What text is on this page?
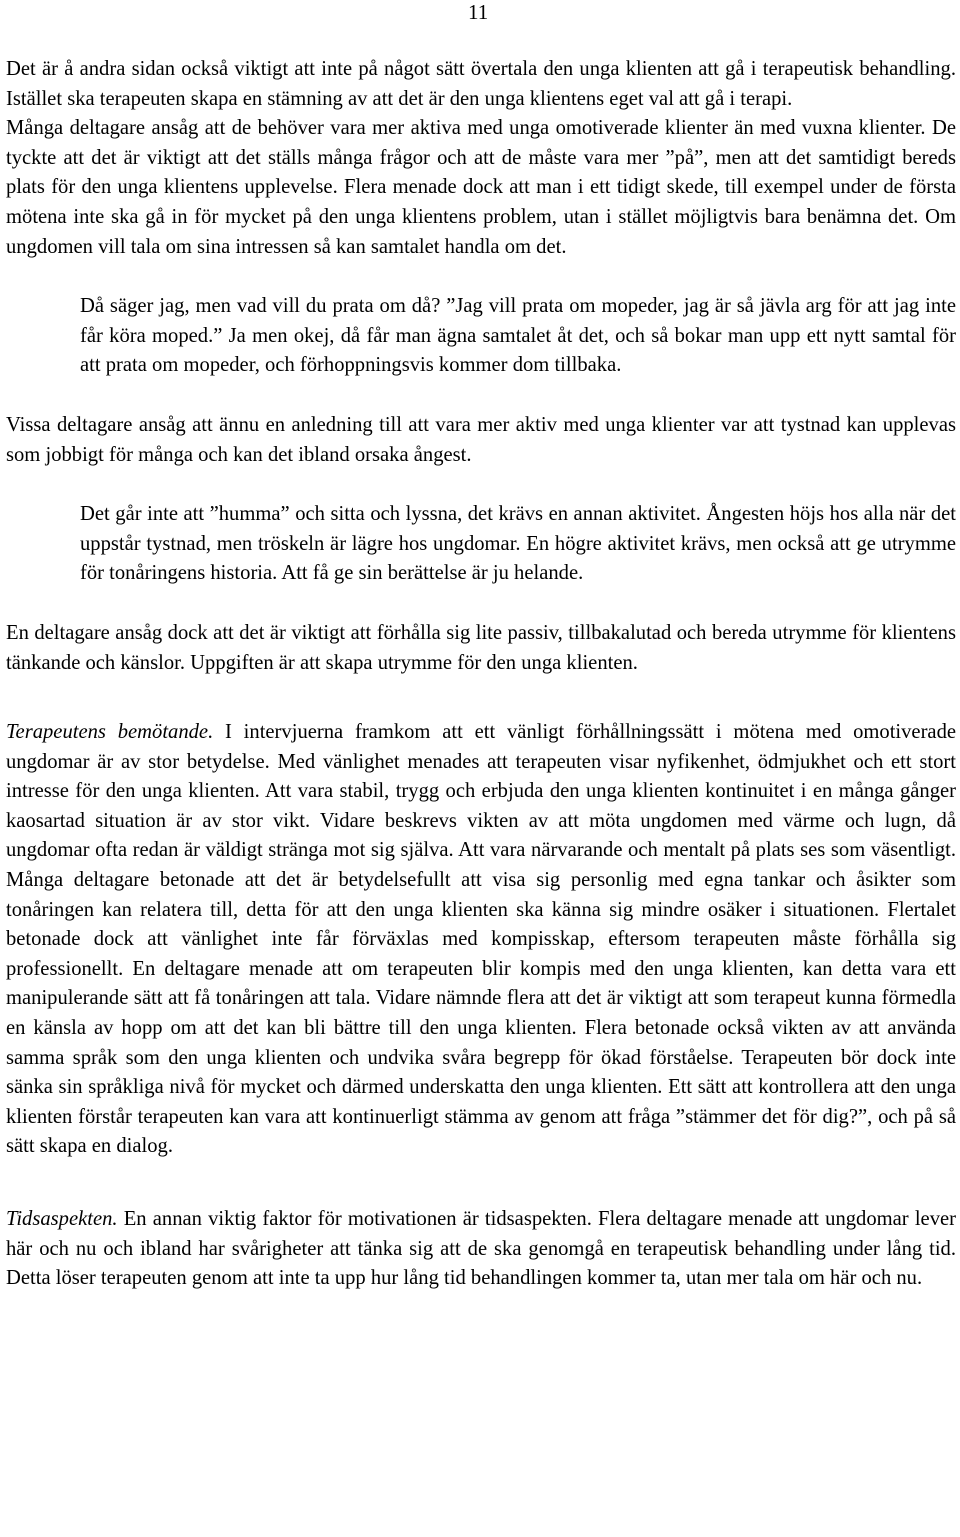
11

Det är å andra sidan också viktigt att inte på något sätt övertala den unga klienten att gå i terapeutisk behandling. Istället ska terapeuten skapa en stämning av att det är den unga klientens eget val att gå i terapi.

Många deltagare ansåg att de behöver vara mer aktiva med unga omotiverade klienter än med vuxna klienter. De tyckte att det är viktigt att det ställs många frågor och att de måste vara mer ”på”, men att det samtidigt bereds plats för den unga klientens upplevelse. Flera menade dock att man i ett tidigt skede, till exempel under de första mötena inte ska gå in för mycket på den unga klientens problem, utan i stället möjligtvis bara benämna det. Om ungdomen vill tala om sina intressen så kan samtalet handla om det.

Då säger jag, men vad vill du prata om då? ”Jag vill prata om mopeder, jag är så jävla arg för att jag inte får köra moped.” Ja men okej, då får man ägna samtalet åt det, och så bokar man upp ett nytt samtal för att prata om mopeder, och förhoppningsvis kommer dom tillbaka.

Vissa deltagare ansåg att ännu en anledning till att vara mer aktiv med unga klienter var att tystnad kan upplevas som jobbigt för många och kan det ibland orsaka ångest.

Det går inte att ”humma” och sitta och lyssna, det krävs en annan aktivitet. Ångesten höjs hos alla när det uppstår tystnad, men tröskeln är lägre hos ungdomar. En högre aktivitet krävs, men också att ge utrymme för tonåringens historia. Att få ge sin berättelse är ju helande.

En deltagare ansåg dock att det är viktigt att förhålla sig lite passiv, tillbakalutad och bereda utrymme för klientens tänkande och känslor. Uppgiften är att skapa utrymme för den unga klienten.

Terapeutens bemötande. I intervjuerna framkom att ett vänligt förhållningssätt i mötena med omotiverade ungdomar är av stor betydelse. Med vänlighet menades att terapeuten visar nyfikenhet, ödmjukhet och ett stort intresse för den unga klienten. Att vara stabil, trygg och erbjuda den unga klienten kontinuitet i en många gånger kaosartad situation är av stor vikt. Vidare beskrevs vikten av att möta ungdomen med värme och lugn, då ungdomar ofta redan är väldigt stränga mot sig själva. Att vara närvarande och mentalt på plats ses som väsentligt. Många deltagare betonade att det är betydelsefullt att visa sig personlig med egna tankar och åsikter som tonåringen kan relatera till, detta för att den unga klienten ska känna sig mindre osäker i situationen. Flertalet betonade dock att vänlighet inte får förväxlas med kompisskap, eftersom terapeuten måste förhålla sig professionellt. En deltagare menade att om terapeuten blir kompis med den unga klienten, kan detta vara ett manipulerande sätt att få tonåringen att tala. Vidare nämnde flera att det är viktigt att som terapeut kunna förmedla en känsla av hopp om att det kan bli bättre till den unga klienten. Flera betonade också vikten av att använda samma språk som den unga klienten och undvika svåra begrepp för ökad förståelse. Terapeuten bör dock inte sänka sin språkliga nivå för mycket och därmed underskatta den unga klienten. Ett sätt att kontrollera att den unga klienten förstår terapeuten kan vara att kontinuerligt stämma av genom att fråga ”stämmer det för dig?”, och på så sätt skapa en dialog.

Tidsaspekten. En annan viktig faktor för motivationen är tidsaspekten. Flera deltagare menade att ungdomar lever här och nu och ibland har svårigheter att tänka sig att de ska genomgå en terapeutisk behandling under lång tid. Detta löser terapeuten genom att inte ta upp hur lång tid behandlingen kommer ta, utan mer tala om här och nu.
